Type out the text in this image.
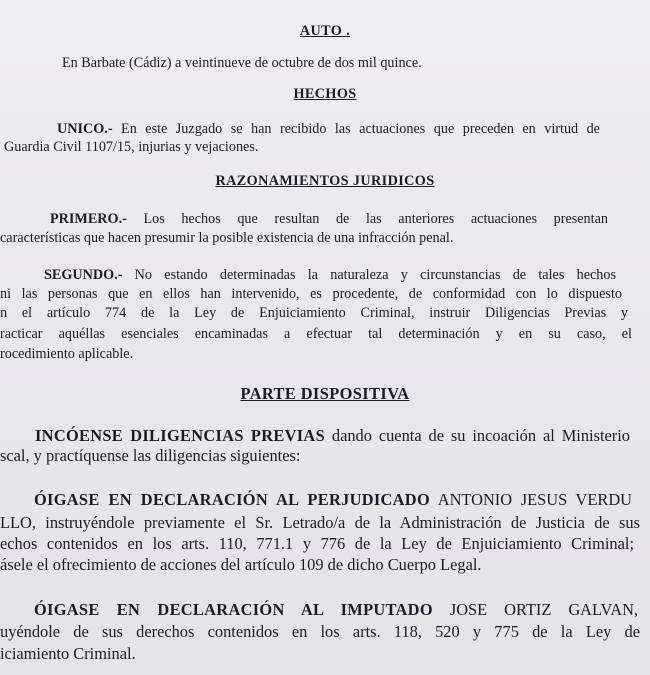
AUTO .

En Barbate (Cádiz) a veintinueve de octubre de dos mil quince.

HECHOS

UNICO.- En este Juzgado se han recibido las actuaciones que preceden en virtud de

Guardia Civil 1107/15, injurias y vejaciones.

RAZONAMIENTOS JURIDICOS

PRIMERO.- Los hechos que resultan de las anteriores actuaciones presentan

características que hacen presumir la posible existencia de una infracción penal.

SEGUNDO.- No estando determinadas la naturaleza y circunstancias de tales hechos

ni las personas que en ellos han intervenido, es procedente, de conformidad con lo dispuesto

n el artículo 774 de la Ley de Enjuiciamiento Criminal, instruir Diligencias Previas y

racticar aquéllas esenciales encaminadas a efectuar tal determinación y en su caso, el

rocedimiento aplicable.

PARTE DISPOSITIVA

INCÓENSE DILIGENCIAS PREVIAS dando cuenta de su incoación al Ministerio

scal, y practíquense las diligencias siguientes:

ÓIGASE EN DECLARACIÓN AL PERJUDICADO ANTONIO JESUS VERDU

LLO, instruyéndole previamente el Sr. Letrado/a de la Administración de Justicia de sus

echos contenidos en los arts. 110, 771.1 y 776 de la Ley de Enjuiciamiento Criminal;

ásele el ofrecimiento de acciones del artículo 109 de dicho Cuerpo Legal.

ÓIGASE EN DECLARACIÓN AL IMPUTADO JOSE ORTIZ GALVAN,

uyéndole de sus derechos contenidos en los arts. 118, 520 y 775 de la Ley de

iciamiento Criminal.
